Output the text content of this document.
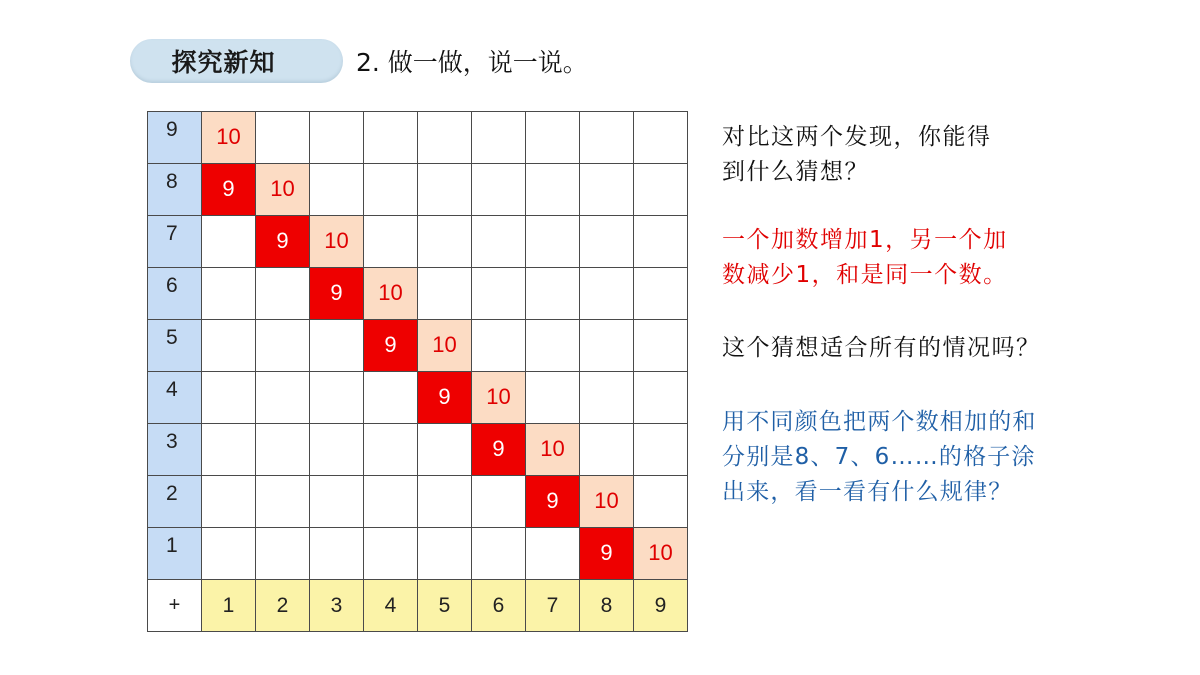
探究新知	2. 做一做，说一说。
9	10								

8	9	10							

7		9	10						

6			9	10					

5				9	10				

4					9	10			

3						9	10		

2							9	10	

1								9	10

+	1	2	3	4	5	6	7	8	9
对比这两个发现，你能得
到什么猜想？
一个加数增加1，另一个加
数减少1，和是同一个数。
这个猜想适合所有的情况吗？
用不同颜色把两个数相加的和
分别是8、7、6……的格子涂
出来，看一看有什么规律？
